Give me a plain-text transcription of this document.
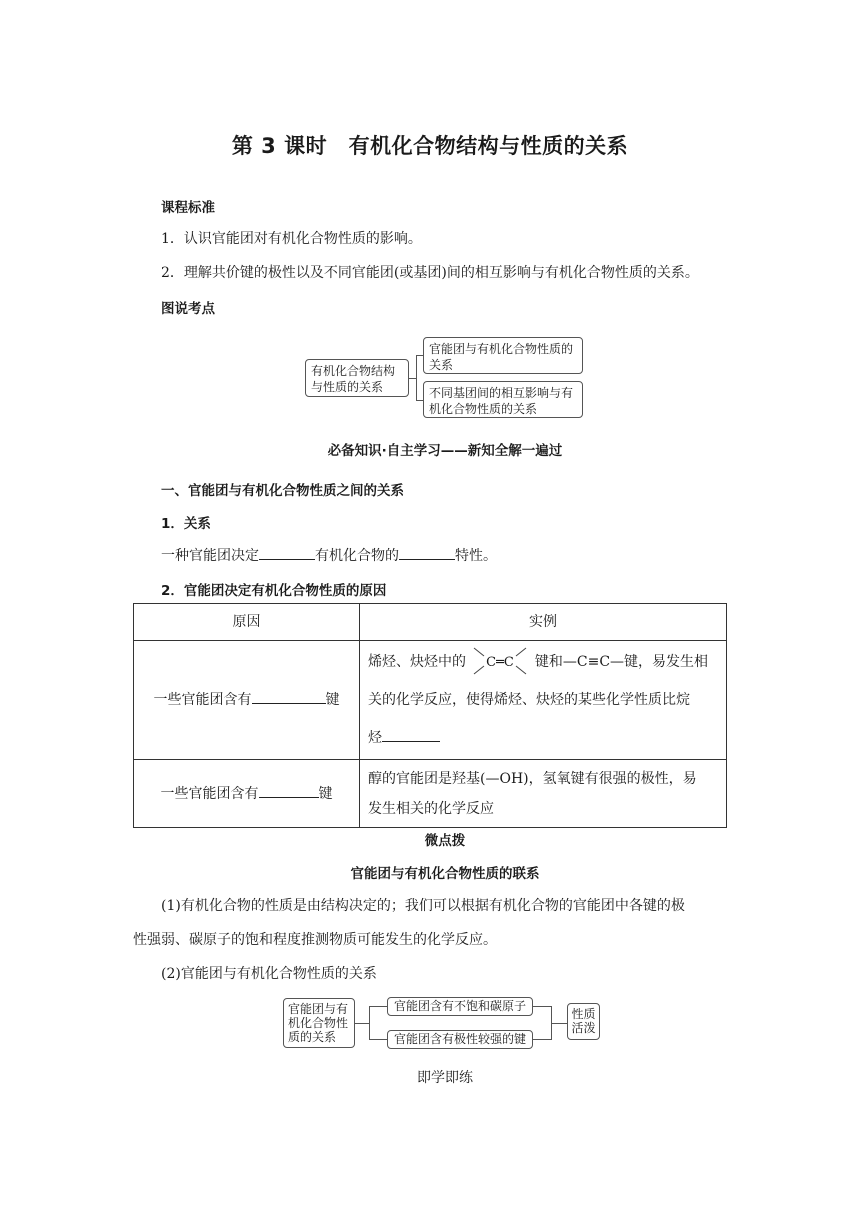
第 3 课时　有机化合物结构与性质的关系
课程标准
1．认识官能团对有机化合物性质的影响。
2．理解共价键的极性以及不同官能团(或基团)间的相互影响与有机化合物性质的关系。
图说考点
有机化合物结构与性质的关系
官能团与有机化合物性质的关系
不同基团间的相互影响与有机化合物性质的关系
必备知识·自主学习——新知全解一遍过
一、官能团与有机化合物性质之间的关系
1．关系
一种官能团决定	有机化合物的	特性。
2．官能团决定有机化合物性质的原因
原因	实例
一些官能团含有 键	烯烃、炔烃中的 C═C 键和—C≡C—键，易发生相
关的化学反应，使得烯烃、炔烃的某些化学性质比烷
烃

一些官能团含有 键	醇的官能团是羟基(—OH)，氢氧键有很强的极性，易
发生相关的化学反应
微点拨
官能团与有机化合物性质的联系
(1)有机化合物的性质是由结构决定的；我们可以根据有机化合物的官能团中各键的极
性强弱、碳原子的饱和程度推测物质可能发生的化学反应。
(2)官能团与有机化合物性质的关系
官能团与有机化合物性质的关系
官能团含有不饱和碳原子
官能团含有极性较强的键
性质活泼
即学即练
